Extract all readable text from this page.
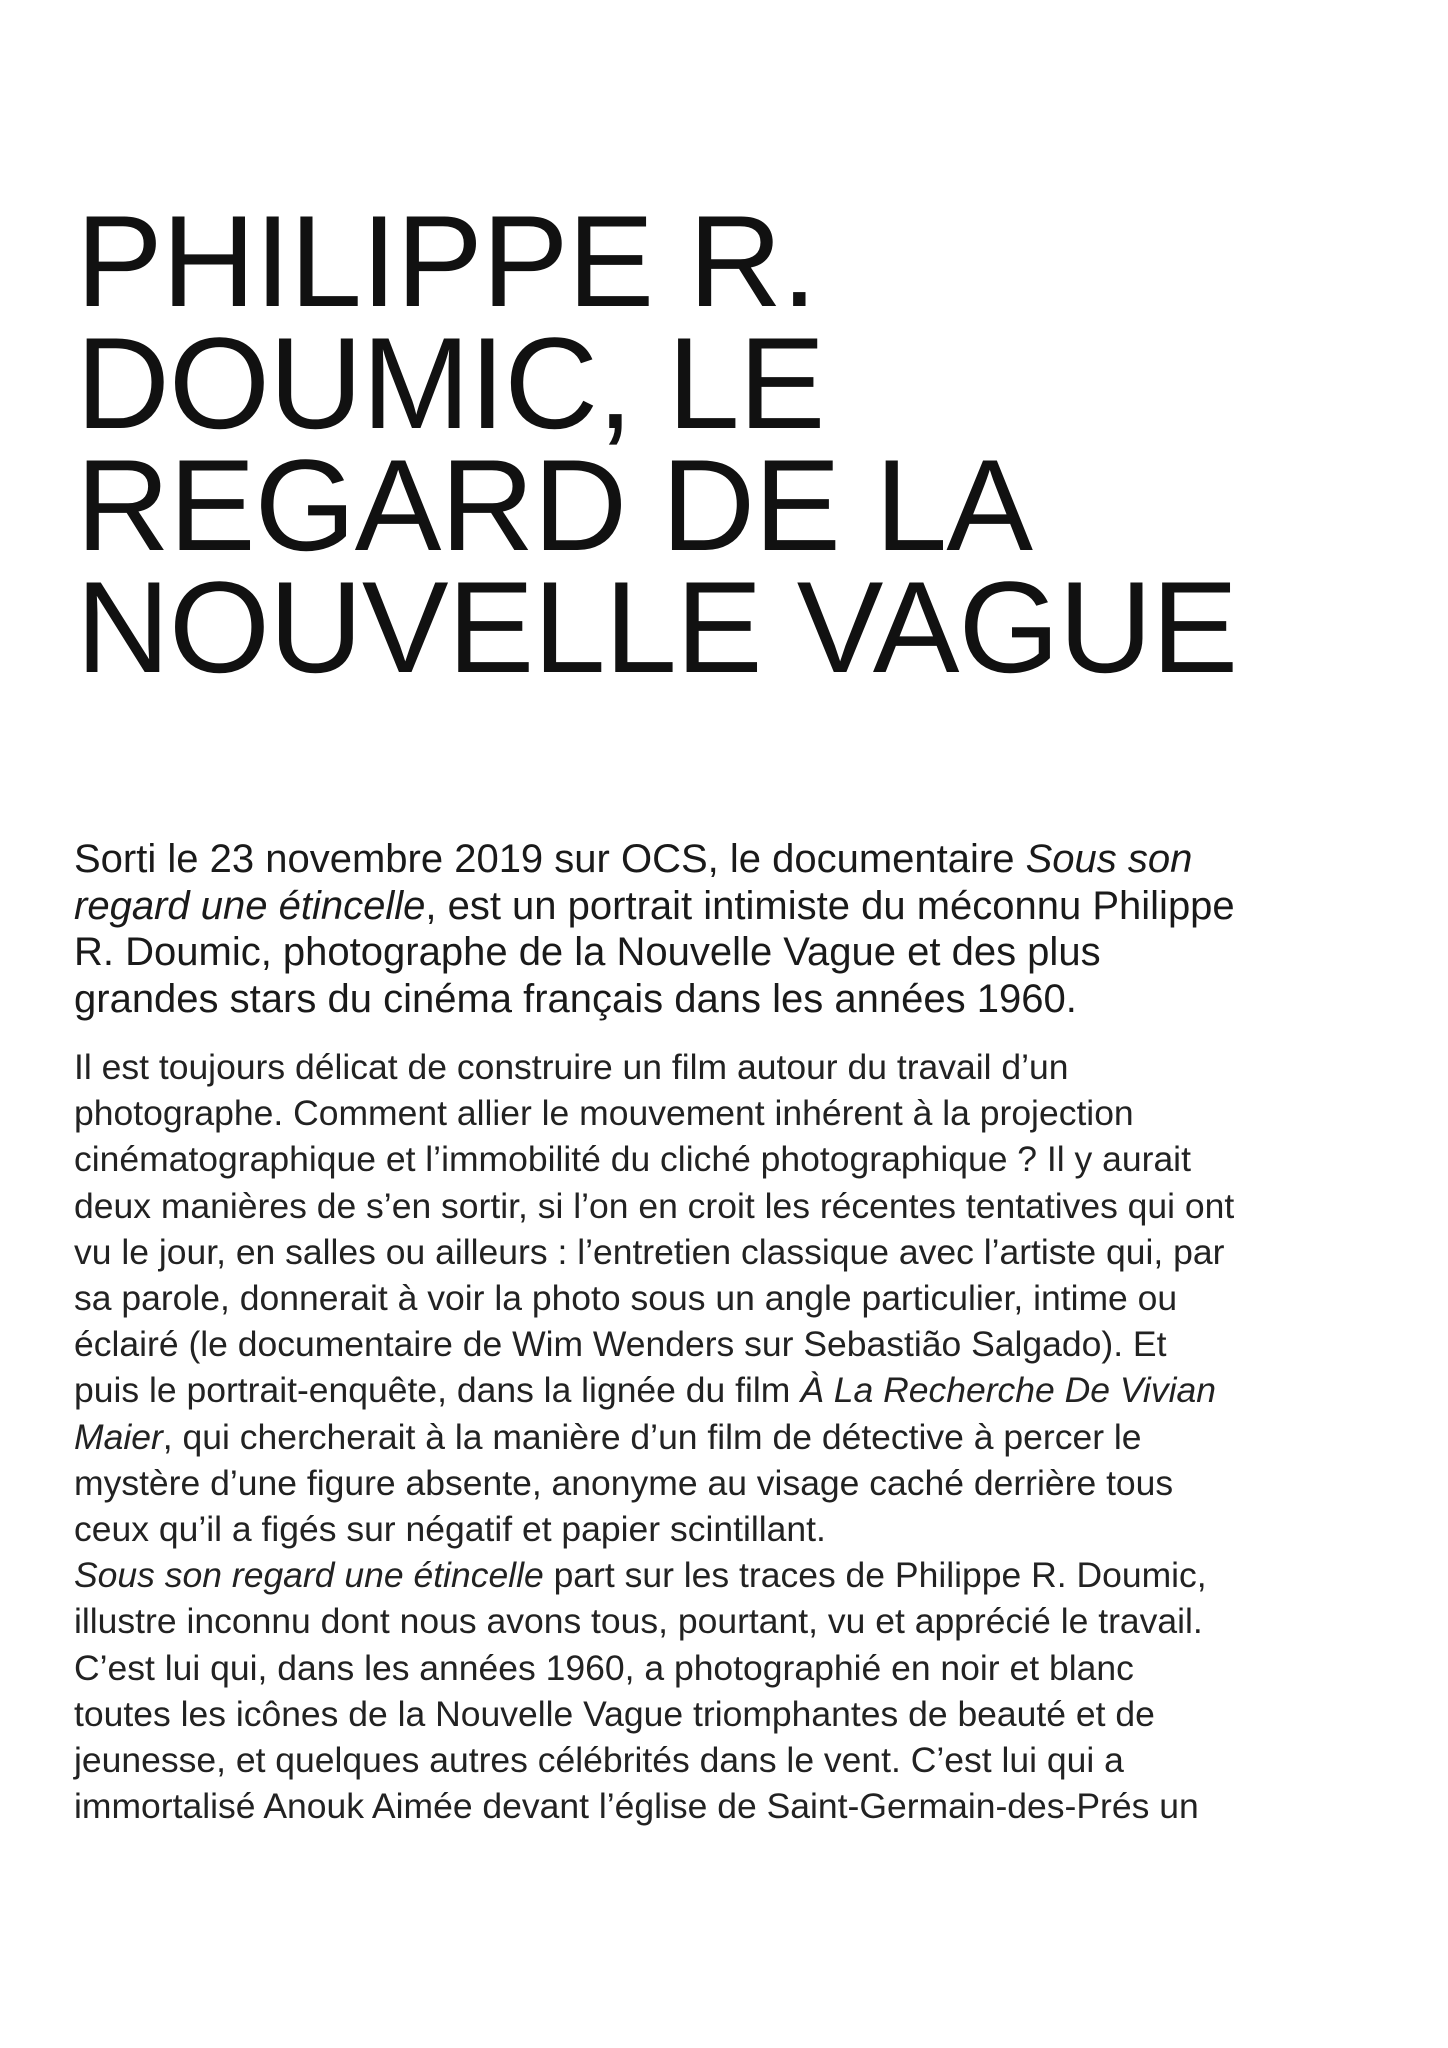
PHILIPPE R.
DOUMIC, LE
REGARD DE LA
NOUVELLE VAGUE

Sorti le 23 novembre 2019 sur OCS, le documentaire Sous son
regard une étincelle, est un portrait intimiste du méconnu Philippe
R. Doumic, photographe de la Nouvelle Vague et des plus
grandes stars du cinéma français dans les années 1960.

Il est toujours délicat de construire un film autour du travail d’un
photographe. Comment allier le mouvement inhérent à la projection
cinématographique et l’immobilité du cliché photographique ? Il y aurait
deux manières de s’en sortir, si l’on en croit les récentes tentatives qui ont
vu le jour, en salles ou ailleurs : l’entretien classique avec l’artiste qui, par
sa parole, donnerait à voir la photo sous un angle particulier, intime ou
éclairé (le documentaire de Wim Wenders sur Sebastião Salgado). Et
puis le portrait-enquête, dans la lignée du film À La Recherche De Vivian
Maier, qui chercherait à la manière d’un film de détective à percer le
mystère d’une figure absente, anonyme au visage caché derrière tous
ceux qu’il a figés sur négatif et papier scintillant.
Sous son regard une étincelle part sur les traces de Philippe R. Doumic,
illustre inconnu dont nous avons tous, pourtant, vu et apprécié le travail.
C’est lui qui, dans les années 1960, a photographié en noir et blanc
toutes les icônes de la Nouvelle Vague triomphantes de beauté et de
jeunesse, et quelques autres célébrités dans le vent. C’est lui qui a
immortalisé Anouk Aimée devant l’église de Saint-Germain-des-Prés un
